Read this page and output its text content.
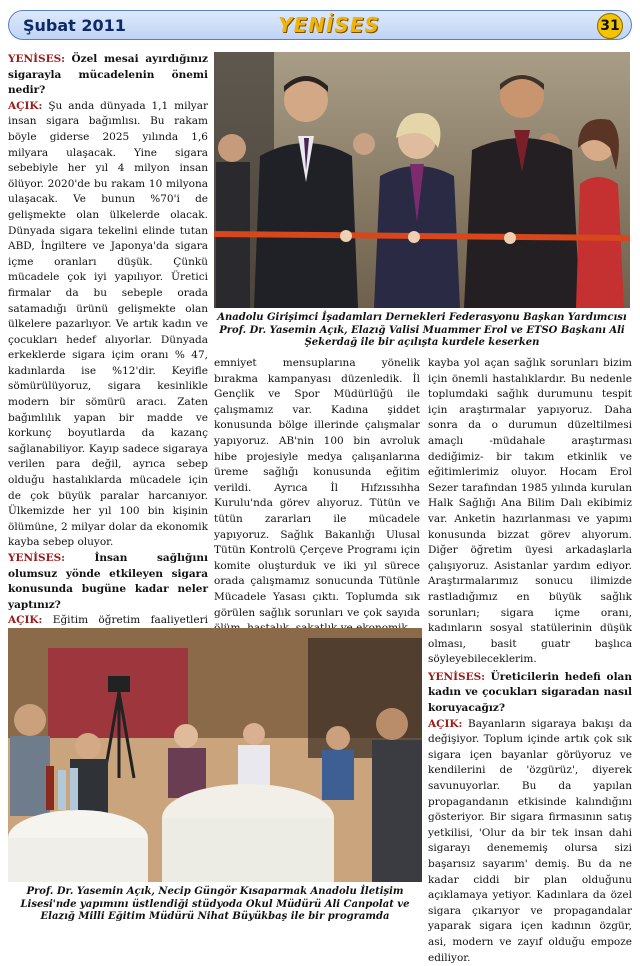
Şubat 2011	YENİSES	31

YENİSES: Özel mesai ayırdığınız sigarayla mücadelenin önemi nedir?

AÇIK: Şu anda dünyada 1,1 milyar insan sigara bağımlısı. Bu rakam böyle giderse 2025 yılında 1,6 milyara ulaşacak. Yine sigara sebebiyle her yıl 4 milyon insan ölüyor. 2020'de bu rakam 10 milyona ulaşacak. Ve bunun %70'i de gelişmekte olan ülkelerde olacak. Dünyada sigara tekelini elinde tutan ABD, İngiltere ve Japonya'da sigara içme oranları düşük. Çünkü mücadele çok iyi yapılıyor. Üretici firmalar da bu sebeple orada satamadığı ürünü gelişmekte olan ülkelere pazarlıyor. Ve artık kadın ve çocukları hedef alıyorlar. Dünyada erkeklerde sigara içim oranı % 47, kadınlarda ise %12'dir. Keyifle sömürülüyoruz, sigara kesinlikle modern bir sömürü aracı. Zaten bağımlılık yapan bir madde ve korkunç boyutlarda da kazanç sağlanabiliyor. Kayıp sadece sigaraya verilen para değil, ayrıca sebep olduğu hastalıklarda mücadele için de çok büyük paralar harcanıyor. Ülkemizde her yıl 100 bin kişinin ölümüne, 2 milyar dolar da ekonomik kayba sebep oluyor.

YENİSES:	İnsan sağlığını olumsuz yönde etkileyen sigara konusunda bugüne kadar neler yaptınız?

AÇIK: Eğitim öğretim faaliyetleri

Anadolu Girişimci İşadamları Dernekleri Federasyonu Başkan Yardımcısı Prof. Dr. Yasemin Açık, Elazığ Valisi Muammer Erol ve ETSO Başkanı Ali Şekerdağ ile bir açılışta kurdele keserken

emniyet mensuplarına yönelik bırakma kampanyası düzenledik. İl Gençlik ve Spor Müdürlüğü ile çalışmamız var. Kadına şiddet konusunda bölge illerinde çalışmalar yapıyoruz. AB'nin 100 bin avroluk hibe projesiyle medya çalışanlarına üreme sağlığı konusunda eğitim verildi. Ayrıca İl Hıfzıssıhha Kurulu'nda görev alıyoruz. Tütün ve tütün zararları ile mücadele yapıyoruz. Sağlık Bakanlığı Ulusal Tütün Kontrolü Çerçeve Programı için komite oluşturduk ve iki yıl sürece orada çalışmamız sonucunda Tütünle Mücadele Yasası çıktı. Toplumda sık görülen sağlık sorunları ve çok sayıda

kayba yol açan sağlık sorunları bizim için önemli hastalıklardır. Bu nedenle toplumdaki sağlık durumunu tespit için araştırmalar yapıyoruz. Daha sonra da o durumun düzeltilmesi amaçlı -müdahale araştırması dediğimiz- bir takım etkinlik ve eğitimlerimiz oluyor. Hocam Erol Sezer tarafından 1985 yılında kurulan Halk Sağlığı Ana Bilim Dalı ekibimiz var. Anketin hazırlanması ve yapımı konusunda bizzat görev alıyorum. Diğer öğretim üyesi arkadaşlarla çalışıyoruz. Asistanlar yardım ediyor. Araştırmalarımız sonucu ilimizde rastladığımız en büyük sağlık sorunları; sigara içme oranı, kadınların sosyal statülerinin düşük olması, basit guatr başlıca söyleyebileceklerim.

YENİSES: Üreticilerin hedefi olan kadın ve çocukları sigaradan nasıl koruyacağız?

AÇIK: Bayanların sigaraya bakışı da değişiyor. Toplum içinde artık çok sık sigara içen bayanlar görüyoruz ve kendilerini de 'özgürüz', diyerek savunuyorlar. Bu da yapılan propagandanın etkisinde kalındığını gösteriyor. Bir sigara firmasının satış yetkilisi, 'Olur da bir tek insan dahi sigarayı denememiş olursa sizi başarısız sayarım' demiş. Bu da ne kadar ciddi bir plan olduğunu açıklamaya yetiyor. Kadınlara da özel sigara çıkarıyor ve propagandalar yaparak sigara içen kadının özgür, asi, modern ve zayıf olduğu empoze ediliyor.

Prof. Dr. Yasemin Açık, Necip Güngör Kısaparmak Anadolu İletişim Lisesi'nde yapımını üstlendiği stüdyoda Okul Müdürü Ali Canpolat ve Elazığ Milli Eğitim Müdürü Nihat Büyükbaş ile bir programda
